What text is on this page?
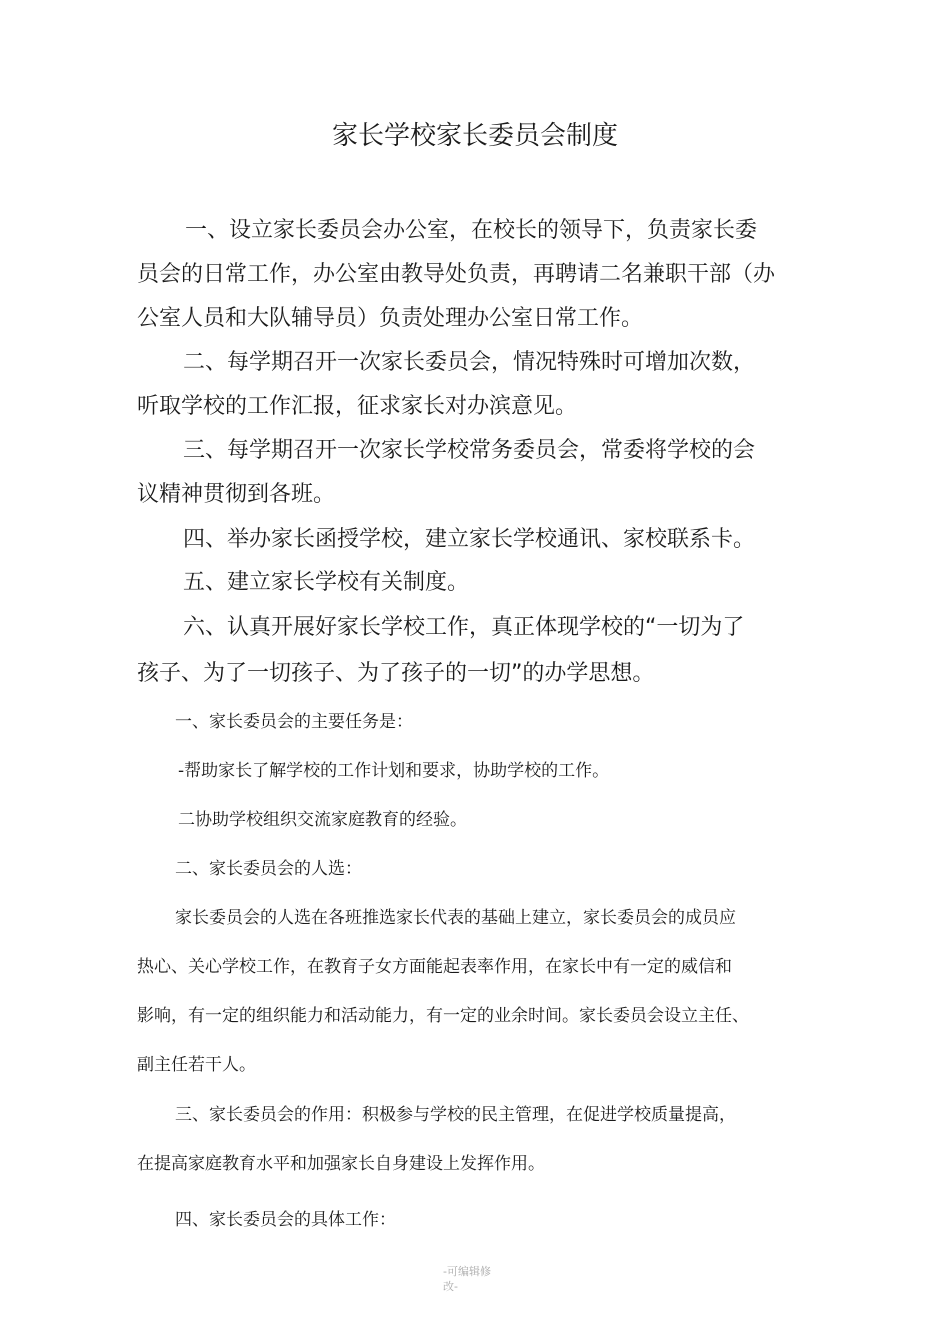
家长学校家长委员会制度
　一、设立家长委员会办公室，在校长的领导下，负责家长委
员会的日常工作，办公室由教导处负责，再聘请二名兼职干部（办
公室人员和大队辅导员）负责处理办公室日常工作。
二、每学期召开一次家长委员会，情况特殊时可增加次数，
听取学校的工作汇报，征求家长对办滨意见。
三、每学期召开一次家长学校常务委员会，常委将学校的会
议精神贯彻到各班。
四、举办家长函授学校，建立家长学校通讯、家校联系卡。
五、建立家长学校有关制度。
六、认真开展好家长学校工作，真正体现学校的“一切为了
孩子、为了一切孩子、为了孩子的一切”的办学思想。
一、家长委员会的主要任务是：
-帮助家长了解学校的工作计划和要求，协助学校的工作。
二协助学校组织交流家庭教育的经验。
二、家长委员会的人选：
家长委员会的人选在各班推选家长代表的基础上建立，家长委员会的成员应
热心、关心学校工作，在教育子女方面能起表率作用，在家长中有一定的威信和
影响，有一定的组织能力和活动能力，有一定的业余时间。家长委员会设立主任、
副主任若干人。
三、家长委员会的作用：积极参与学校的民主管理，在促进学校质量提高，
在提高家庭教育水平和加强家长自身建设上发挥作用。
四、家长委员会的具体工作：
-可编辑修
改-
